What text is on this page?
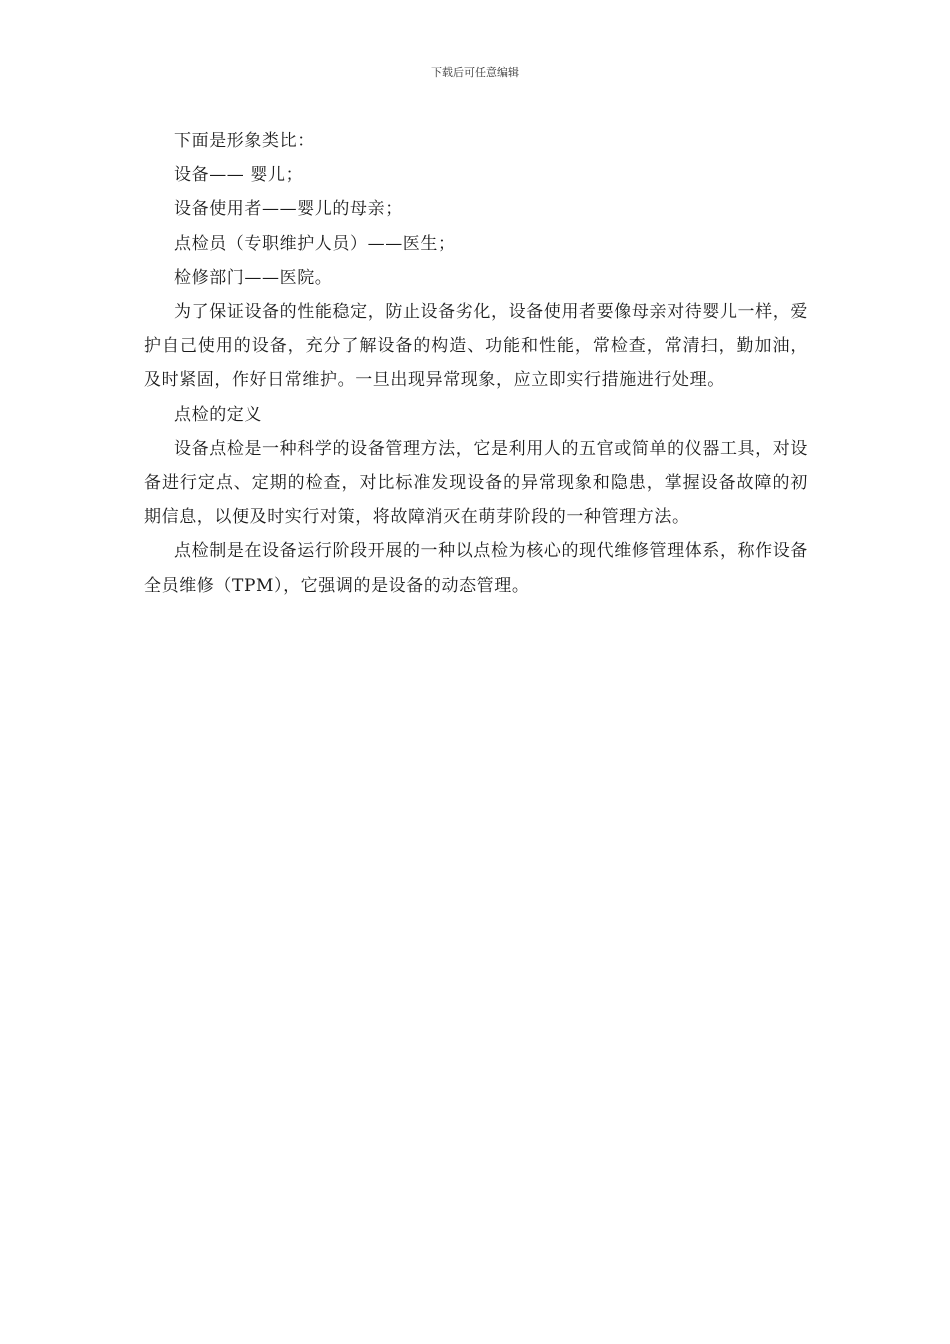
下载后可任意编辑

下面是形象类比：

设备—— 婴儿；

设备使用者——婴儿的母亲；

点检员（专职维护人员）——医生；

检修部门——医院。

为了保证设备的性能稳定，防止设备劣化，设备使用者要像母亲对待婴儿一样，爱护自己使用的设备，充分了解设备的构造、功能和性能，常检查，常清扫，勤加油，及时紧固，作好日常维护。一旦出现异常现象，应立即实行措施进行处理。

点检的定义

设备点检是一种科学的设备管理方法，它是利用人的五官或简单的仪器工具，对设备进行定点、定期的检查，对比标准发现设备的异常现象和隐患，掌握设备故障的初期信息，以便及时实行对策，将故障消灭在萌芽阶段的一种管理方法。

点检制是在设备运行阶段开展的一种以点检为核心的现代维修管理体系，称作设备全员维修（TPM），它强调的是设备的动态管理。
